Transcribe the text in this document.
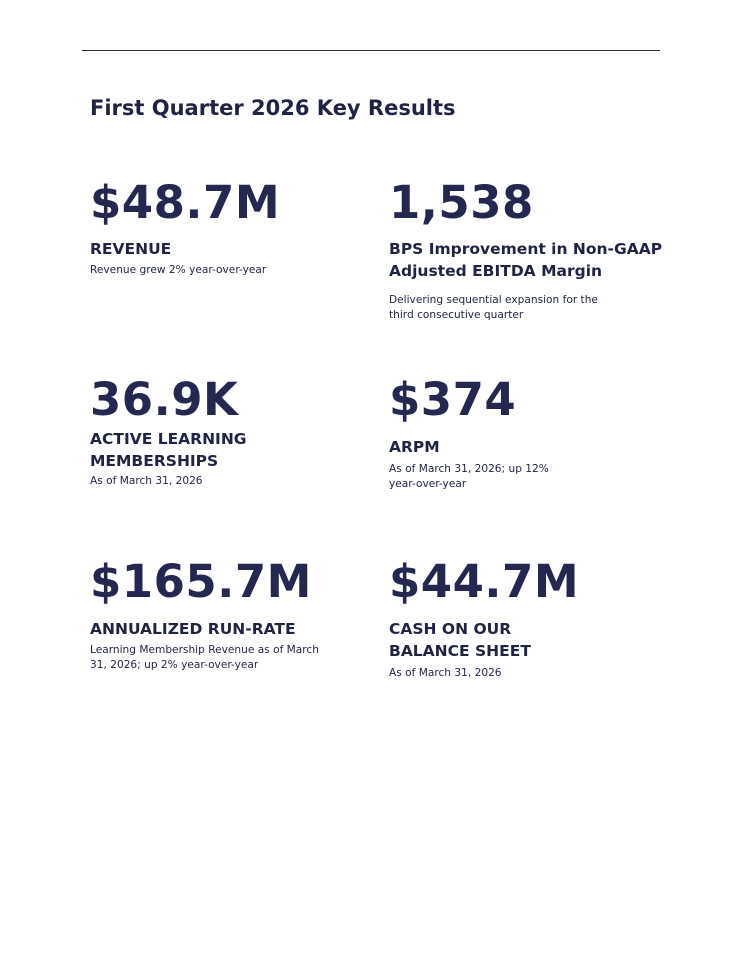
First Quarter 2026 Key Results
$48.7M
REVENUE
Revenue grew 2% year-over-year
1,538
BPS Improvement in Non-GAAP
Adjusted EBITDA Margin
Delivering sequential expansion for the
third consecutive quarter
36.9K
ACTIVE LEARNING
MEMBERSHIPS
As of March 31, 2026
$374
ARPM
As of March 31, 2026; up 12%
year-over-year
$165.7M
ANNUALIZED RUN-RATE
Learning Membership Revenue as of March
31, 2026; up 2% year-over-year
$44.7M
CASH ON OUR
BALANCE SHEET
As of March 31, 2026
